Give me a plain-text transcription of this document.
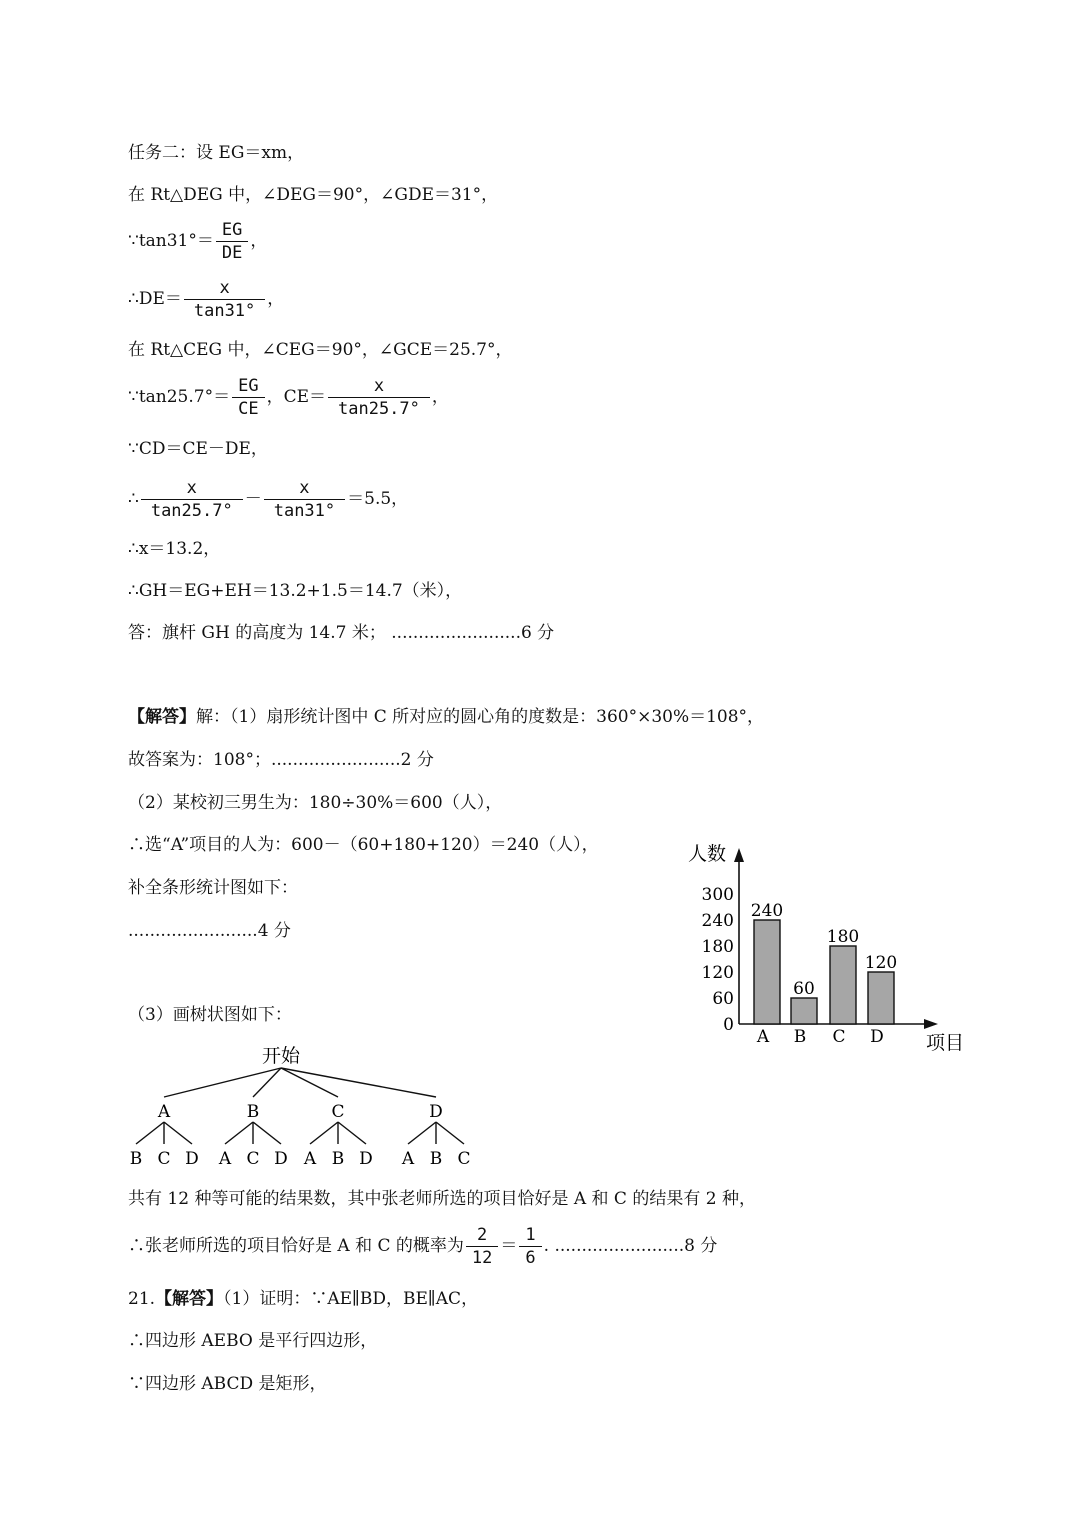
任务二：设 EG＝xm，
在 Rt△DEG 中，∠DEG＝90°，∠GDE＝31°，
∵tan31°＝ $\frac{EG}{DE}$ ，
∴DE＝ $\frac{x}{\tan 31^\circ}$ ，
在 Rt△CEG 中，∠CEG＝90°，∠GCE＝25.7°，
∵tan25.7°＝ $\frac{EG}{CE}$ ，$CE= \frac{x}{\tan 25.7^\circ}$ ，
∵CD＝CE－DE，
∴ $\frac{x}{\tan 25.7^\circ} - \frac{x}{\tan 31^\circ} =5.5$，
∴x＝13.2，
∴GH＝EG+EH＝13.2+1.5＝14.7（米），
答：旗杆 GH 的高度为 14.7 米； ........................6 分
【解答】解：（1）扇形统计图中 C 所对应的圆心角的度数是：360°×30%＝108°，
故答案为：108°；........................2 分
（2）某校初三男生为：180÷30%＝600（人），
∴选“A”项目的人为：600－（60+180+120）＝240（人），
补全条形统计图如下：
........................4 分
（3）画树状图如下：
人数
项目
0
60
120
180
240
300
240
A
60
B
180
C
120
D
开始
A
B C D
B
A C D
C
A B D
D
A B C
共有 12 种等可能的结果数，其中张老师所选的项目恰好是 A 和 C 的结果有 2 种，
∴张老师所选的项目恰好是 A 和 C 的概率为 $\frac{2}{12} = \frac{1}{6}$ . ........................8 分
21.【解答】（1）证明：∵AE∥BD，BE∥AC，
∴四边形 AEBO 是平行四边形，
∵四边形 ABCD 是矩形，
